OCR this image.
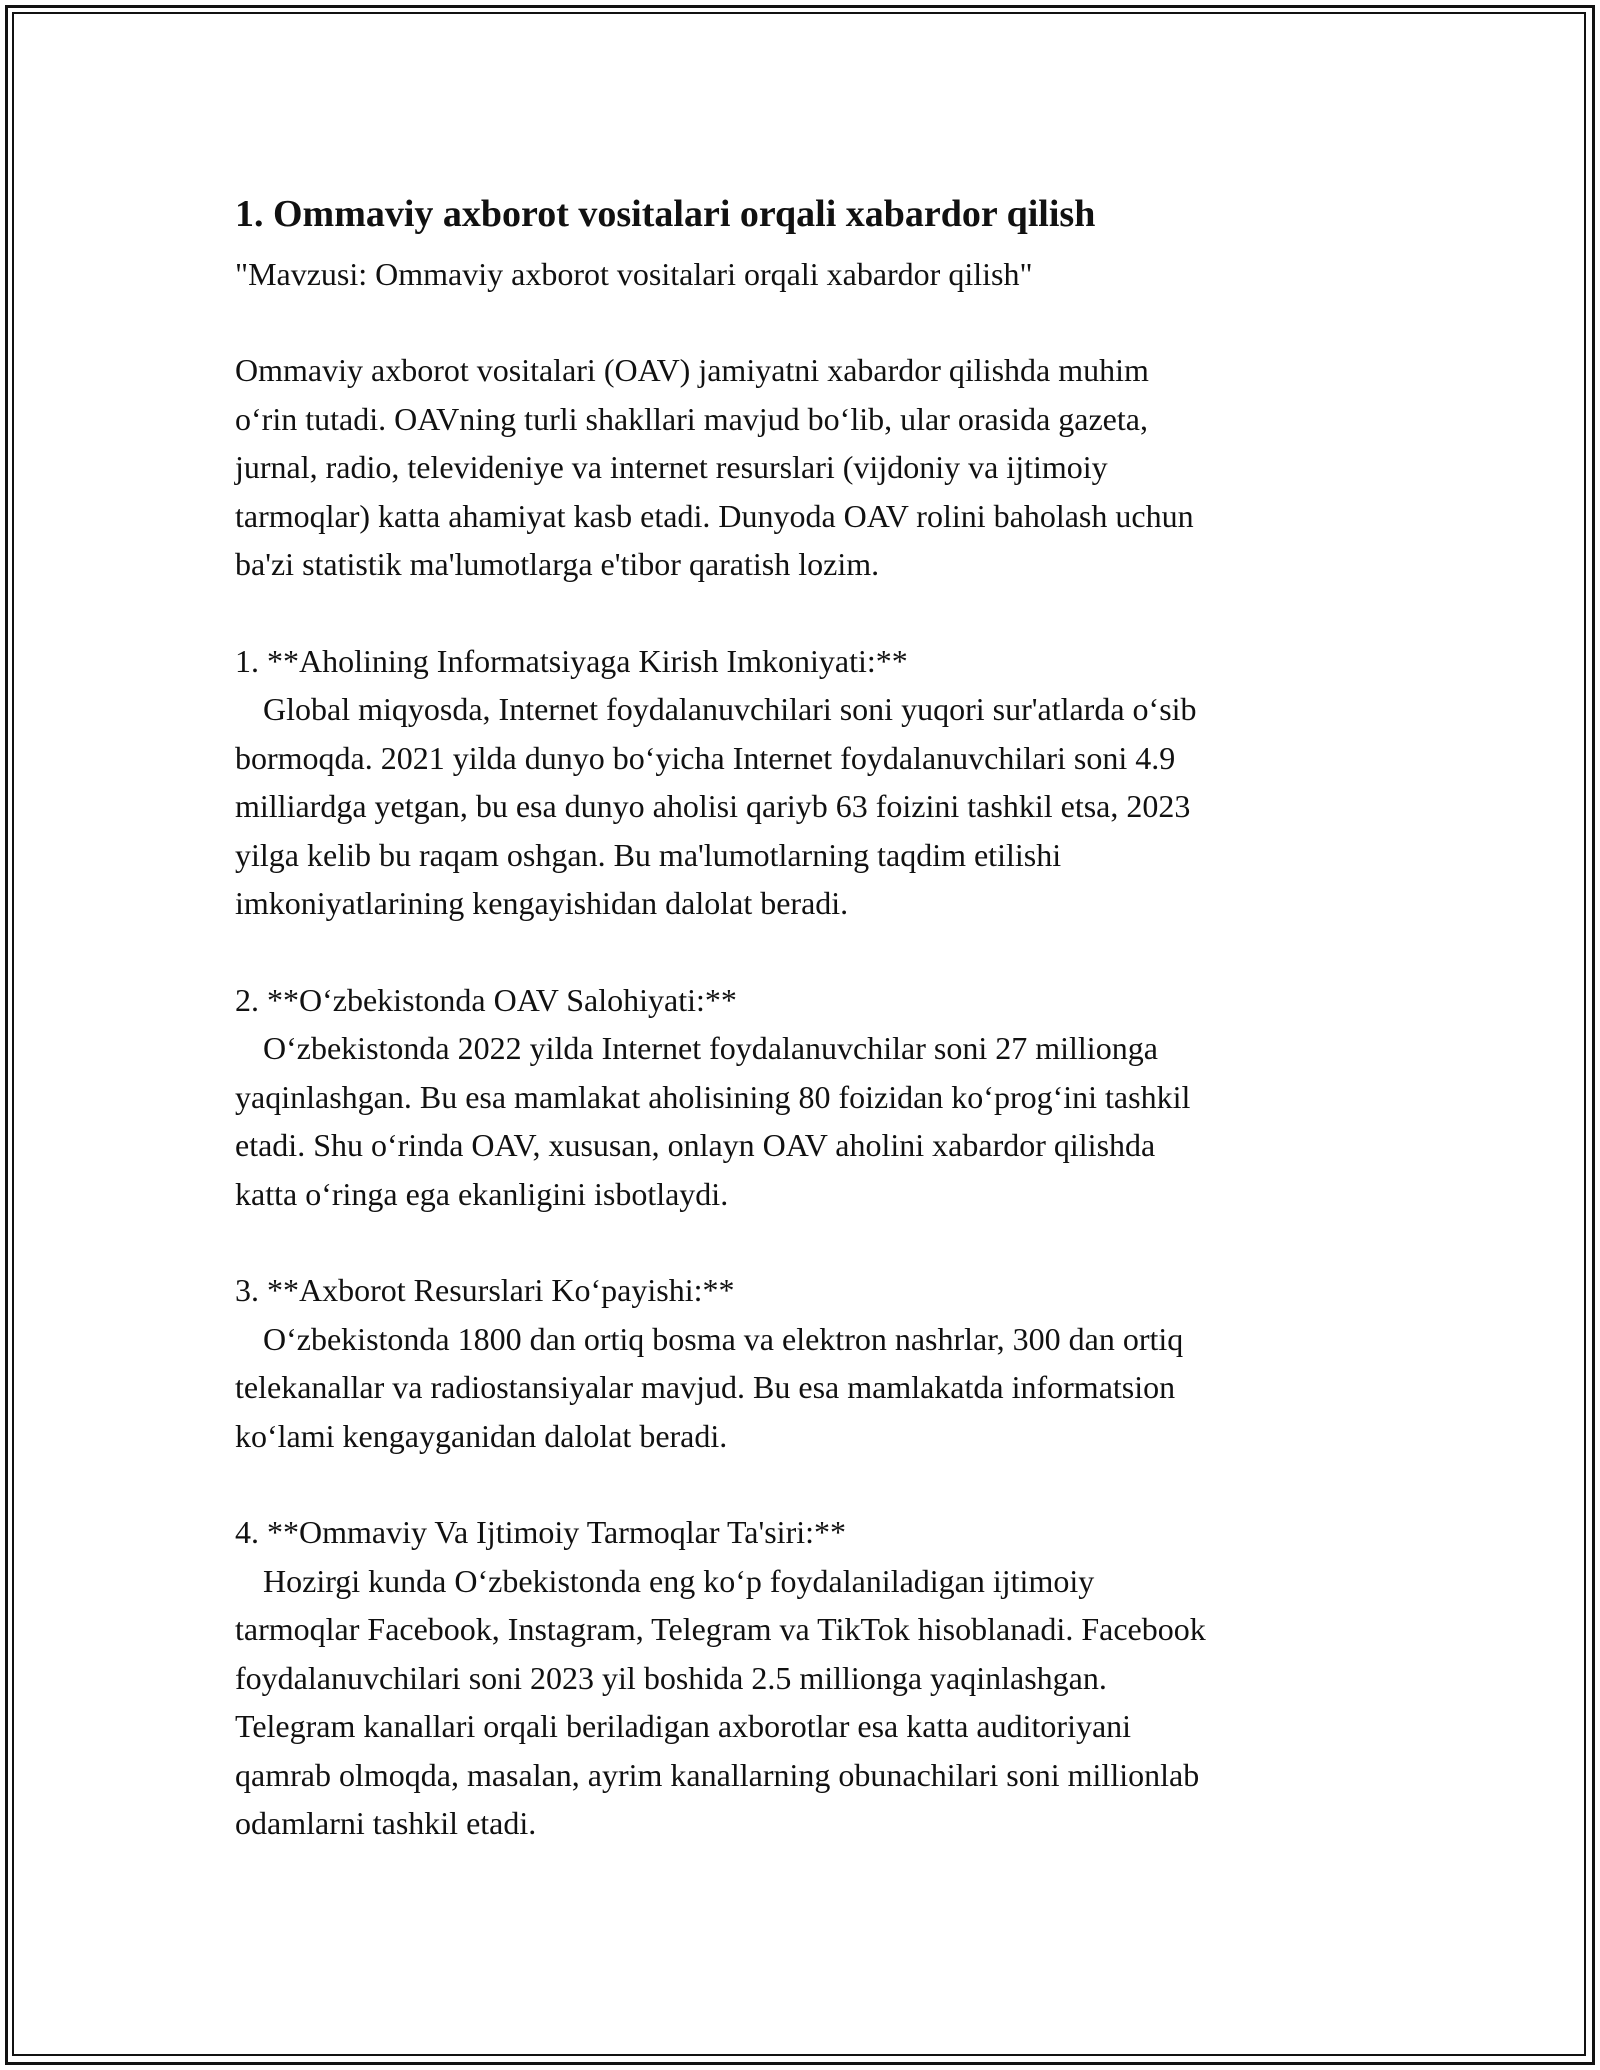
1. Ommaviy axborot vositalari orqali xabardor qilish

"Mavzusi: Ommaviy axborot vositalari orqali xabardor qilish"

Ommaviy axborot vositalari (OAV) jamiyatni xabardor qilishda muhim
o‘rin tutadi. OAVning turli shakllari mavjud bo‘lib, ular orasida gazeta,
jurnal, radio, televideniye va internet resurslari (vijdoniy va ijtimoiy
tarmoqlar) katta ahamiyat kasb etadi. Dunyoda OAV rolini baholash uchun
ba'zi statistik ma'lumotlarga e'tibor qaratish lozim.

1. **Aholining Informatsiyaga Kirish Imkoniyati:**
Global miqyosda, Internet foydalanuvchilari soni yuqori sur'atlarda o‘sib
bormoqda. 2021 yilda dunyo bo‘yicha Internet foydalanuvchilari soni 4.9
milliardga yetgan, bu esa dunyo aholisi qariyb 63 foizini tashkil etsa, 2023
yilga kelib bu raqam oshgan. Bu ma'lumotlarning taqdim etilishi
imkoniyatlarining kengayishidan dalolat beradi.

2. **O‘zbekistonda OAV Salohiyati:**
O‘zbekistonda 2022 yilda Internet foydalanuvchilar soni 27 millionga
yaqinlashgan. Bu esa mamlakat aholisining 80 foizidan ko‘prog‘ini tashkil
etadi. Shu o‘rinda OAV, xususan, onlayn OAV aholini xabardor qilishda
katta o‘ringa ega ekanligini isbotlaydi.

3. **Axborot Resurslari Ko‘payishi:**
O‘zbekistonda 1800 dan ortiq bosma va elektron nashrlar, 300 dan ortiq
telekanallar va radiostansiyalar mavjud. Bu esa mamlakatda informatsion
ko‘lami kengayganidan dalolat beradi.

4. **Ommaviy Va Ijtimoiy Tarmoqlar Ta'siri:**
Hozirgi kunda O‘zbekistonda eng ko‘p foydalaniladigan ijtimoiy
tarmoqlar Facebook, Instagram, Telegram va TikTok hisoblanadi. Facebook
foydalanuvchilari soni 2023 yil boshida 2.5 millionga yaqinlashgan.
Telegram kanallari orqali beriladigan axborotlar esa katta auditoriyani
qamrab olmoqda, masalan, ayrim kanallarning obunachilari soni millionlab
odamlarni tashkil etadi.
